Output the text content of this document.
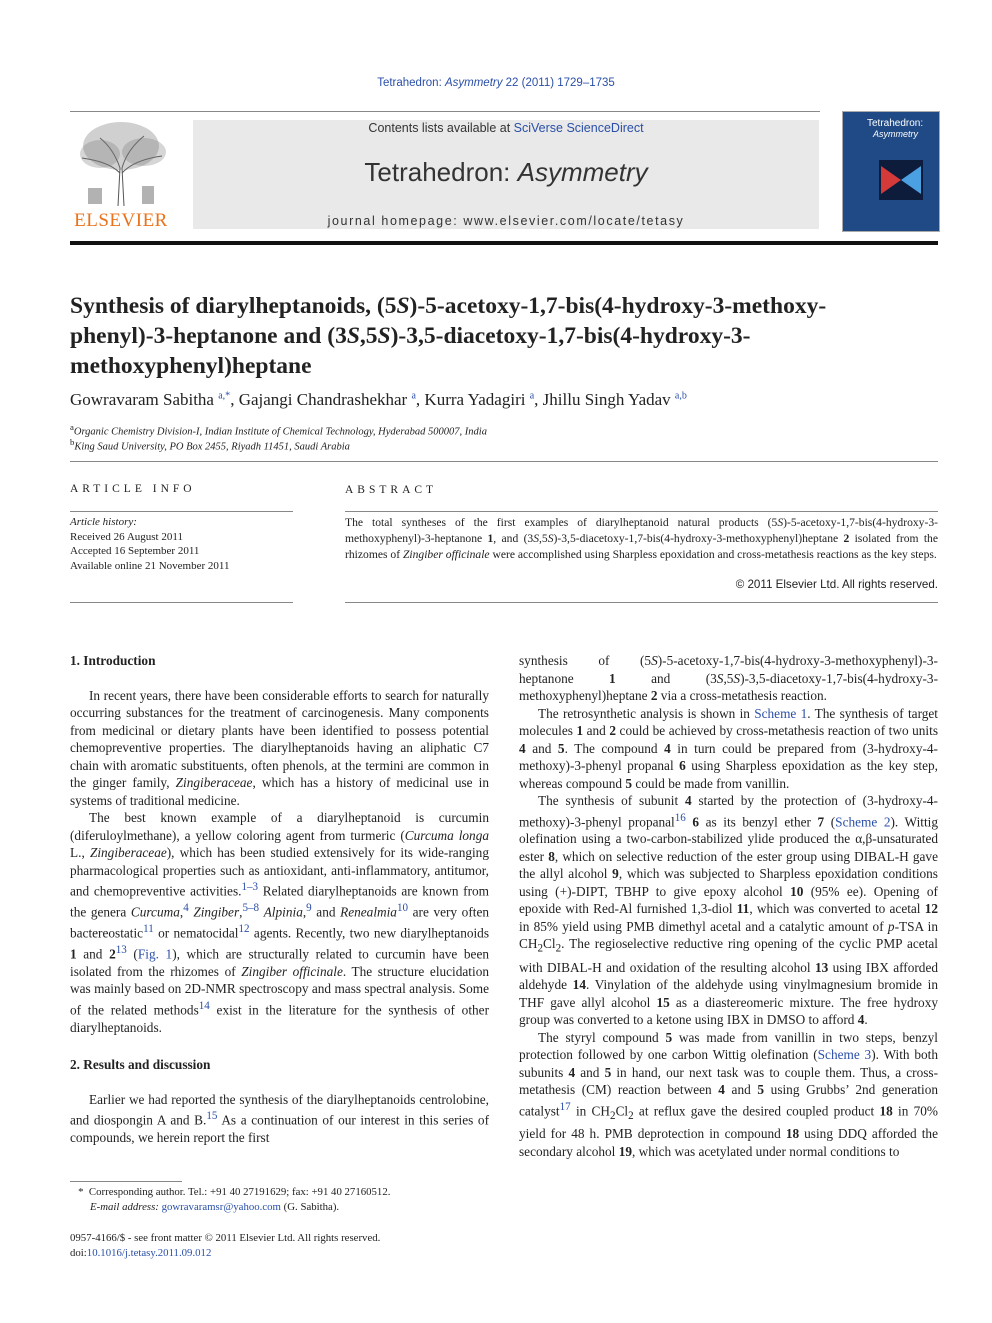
Tetrahedron: Asymmetry 22 (2011) 1729–1735
ELSEVIER
Contents lists available at SciVerse ScienceDirect
Tetrahedron: Asymmetry
journal homepage: www.elsevier.com/locate/tetasy
Tetrahedron:
Asymmetry
Synthesis of diarylheptanoids, (5S)-5-acetoxy-1,7-bis(4-hydroxy-3-methoxy-
phenyl)-3-heptanone and (3S,5S)-3,5-diacetoxy-1,7-bis(4-hydroxy-3-
methoxyphenyl)heptane
Gowravaram Sabitha $^{a,*}$, Gajangi Chandrashekhar $^a$, Kurra Yadagiri $^a$, Jhillu Singh Yadav $^{a,b}$
$^a$Organic Chemistry Division-I, Indian Institute of Chemical Technology, Hyderabad 500007, India
$^b$King Saud University, PO Box 2455, Riyadh 11451, Saudi Arabia
ARTICLE INFO	ABSTRACT
Article history:
Received 26 August 2011
Accepted 16 September 2011
Available online 21 November 2011
The total syntheses of the first examples of diarylheptanoid natural products (5S)-5-acetoxy-1,7-bis(4-hydroxy-3-methoxyphenyl)-3-heptanone 1, and (3S,5S)-3,5-diacetoxy-1,7-bis(4-hydroxy-3-methoxyphenyl)heptane 2 isolated from the rhizomes of Zingiber officinale were accomplished using Sharpless epoxidation and cross-metathesis reactions as the key steps.
© 2011 Elsevier Ltd. All rights reserved.
1. Introduction

In recent years, there have been considerable efforts to search for naturally occurring substances for the treatment of carcinogenesis. Many components from medicinal or dietary plants have been identified to possess potential chemopreventive properties. The diarylheptanoids having an aliphatic C7 chain with aromatic substituents, often phenols, at the termini are common in the ginger family, Zingiberaceae, which has a history of medicinal use in systems of traditional medicine.

The best known example of a diarylheptanoid is curcumin (diferuloylmethane), a yellow coloring agent from turmeric (Curcuma longa L., Zingiberaceae), which has been studied extensively for its wide-ranging pharmacological properties such as antioxidant, anti-inflammatory, antitumor, and chemopreventive activities.$^{1-3}$ Related diarylheptanoids are known from the genera Curcuma,$^4$ Zingiber,$^{5-8}$ Alpinia,$^9$ and Renealmia$^{10}$ are very often bactereostatic$^{11}$ or nematocidal$^{12}$ agents. Recently, two new diarylheptanoids 1 and $2^{13}$ (Fig. 1), which are structurally related to curcumin have been isolated from the rhizomes of Zingiber officinale. The structure elucidation was mainly based on 2D-NMR spectroscopy and mass spectral analysis. Some of the related methods$^{14}$ exist in the literature for the synthesis of other diarylheptanoids.

2. Results and discussion

Earlier we had reported the synthesis of the diarylheptanoids centrolobine, and diospongin A and B.$^{15}$ As a continuation of our interest in this series of compounds, we herein report the first

synthesis of (5S)-5-acetoxy-1,7-bis(4-hydroxy-3-methoxyphenyl)-3-heptanone 1 and (3S,5S)-3,5-diacetoxy-1,7-bis(4-hydroxy-3-methoxyphenyl)heptane 2 via a cross-metathesis reaction.

The retrosynthetic analysis is shown in Scheme 1. The synthesis of target molecules 1 and 2 could be achieved by cross-metathesis reaction of two units 4 and 5. The compound 4 in turn could be prepared from (3-hydroxy-4-methoxy)-3-phenyl propanal 6 using Sharpless epoxidation as the key step, whereas compound 5 could be made from vanillin.

The synthesis of subunit 4 started by the protection of (3-hydroxy-4-methoxy)-3-phenyl propanal$^{16}$ 6 as its benzyl ether 7 (Scheme 2). Wittig olefination using a two-carbon-stabilized ylide produced the α,β-unsaturated ester 8, which on selective reduction of the ester group using DIBAL-H gave the allyl alcohol 9, which was subjected to Sharpless epoxidation conditions using (+)-DIPT, TBHP to give epoxy alcohol 10 (95% ee). Opening of epoxide with Red-Al furnished 1,3-diol 11, which was converted to acetal 12 in 85% yield using PMB dimethyl acetal and a catalytic amount of p-TSA in $CH_2Cl_2$. The regioselective reductive ring opening of the cyclic PMP acetal with DIBAL-H and oxidation of the resulting alcohol 13 using IBX afforded aldehyde 14. Vinylation of the aldehyde using vinylmagnesium bromide in THF gave allyl alcohol 15 as a diastereomeric mixture. The free hydroxy group was converted to a ketone using IBX in DMSO to afford 4.

The styryl compound 5 was made from vanillin in two steps, benzyl protection followed by one carbon Wittig olefination (Scheme 3). With both subunits 4 and 5 in hand, our next task was to couple them. Thus, a cross-metathesis (CM) reaction between 4 and 5 using Grubbs’ 2nd generation catalyst$^{17}$ in $CH_2Cl_2$ at reflux gave the desired coupled product 18 in 70% yield for 48 h. PMB deprotection in compound 18 using DDQ afforded the secondary alcohol 19, which was acetylated under normal conditions to

*  Corresponding author. Tel.: +91 40 27191629; fax: +91 40 27160512.
E-mail address: gowravaramsr@yahoo.com (G. Sabitha).
0957-4166/$ - see front matter © 2011 Elsevier Ltd. All rights reserved.
doi:10.1016/j.tetasy.2011.09.012
